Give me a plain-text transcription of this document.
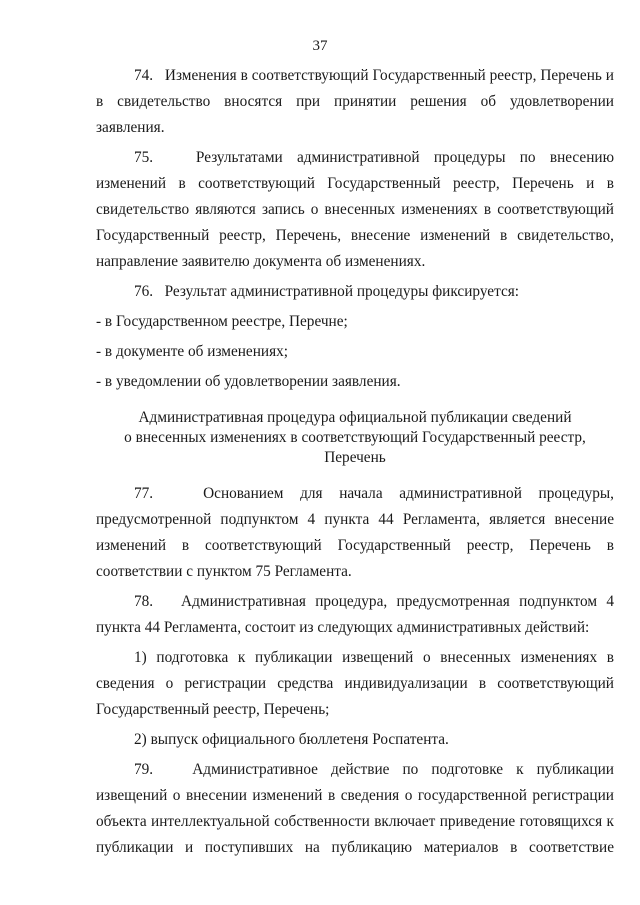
37

74.   Изменения в соответствующий Государственный реестр, Перечень и в свидетельство вносятся при принятии решения об удовлетворении заявления.

75.   Результатами административной процедуры по внесению изменений в соответствующий Государственный реестр, Перечень и в свидетельство являются запись о внесенных изменениях в соответствующий Государственный реестр, Перечень, внесение изменений в свидетельство, направление заявителю документа об изменениях.

76.   Результат административной процедуры фиксируется:

- в Государственном реестре, Перечне;

- в документе об изменениях;

- в уведомлении об удовлетворении заявления.

Административная процедура официальной публикации сведений
о внесенных изменениях в соответствующий Государственный реестр,
Перечень

77.   Основанием для начала административной процедуры, предусмотренной подпунктом 4 пункта 44 Регламента, является внесение изменений в соответствующий Государственный реестр, Перечень в соответствии с пунктом 75 Регламента.

78.   Административная процедура, предусмотренная подпунктом 4 пункта 44 Регламента, состоит из следующих административных действий:

1) подготовка к публикации извещений о внесенных изменениях в сведения о регистрации средства индивидуализации в соответствующий Государственный реестр, Перечень;

2) выпуск официального бюллетеня Роспатента.

79.   Административное действие по подготовке к публикации извещений о внесении изменений в сведения о государственной регистрации объекта интеллектуальной собственности включает приведение готовящихся к публикации и поступивших на публикацию материалов в соответствие
